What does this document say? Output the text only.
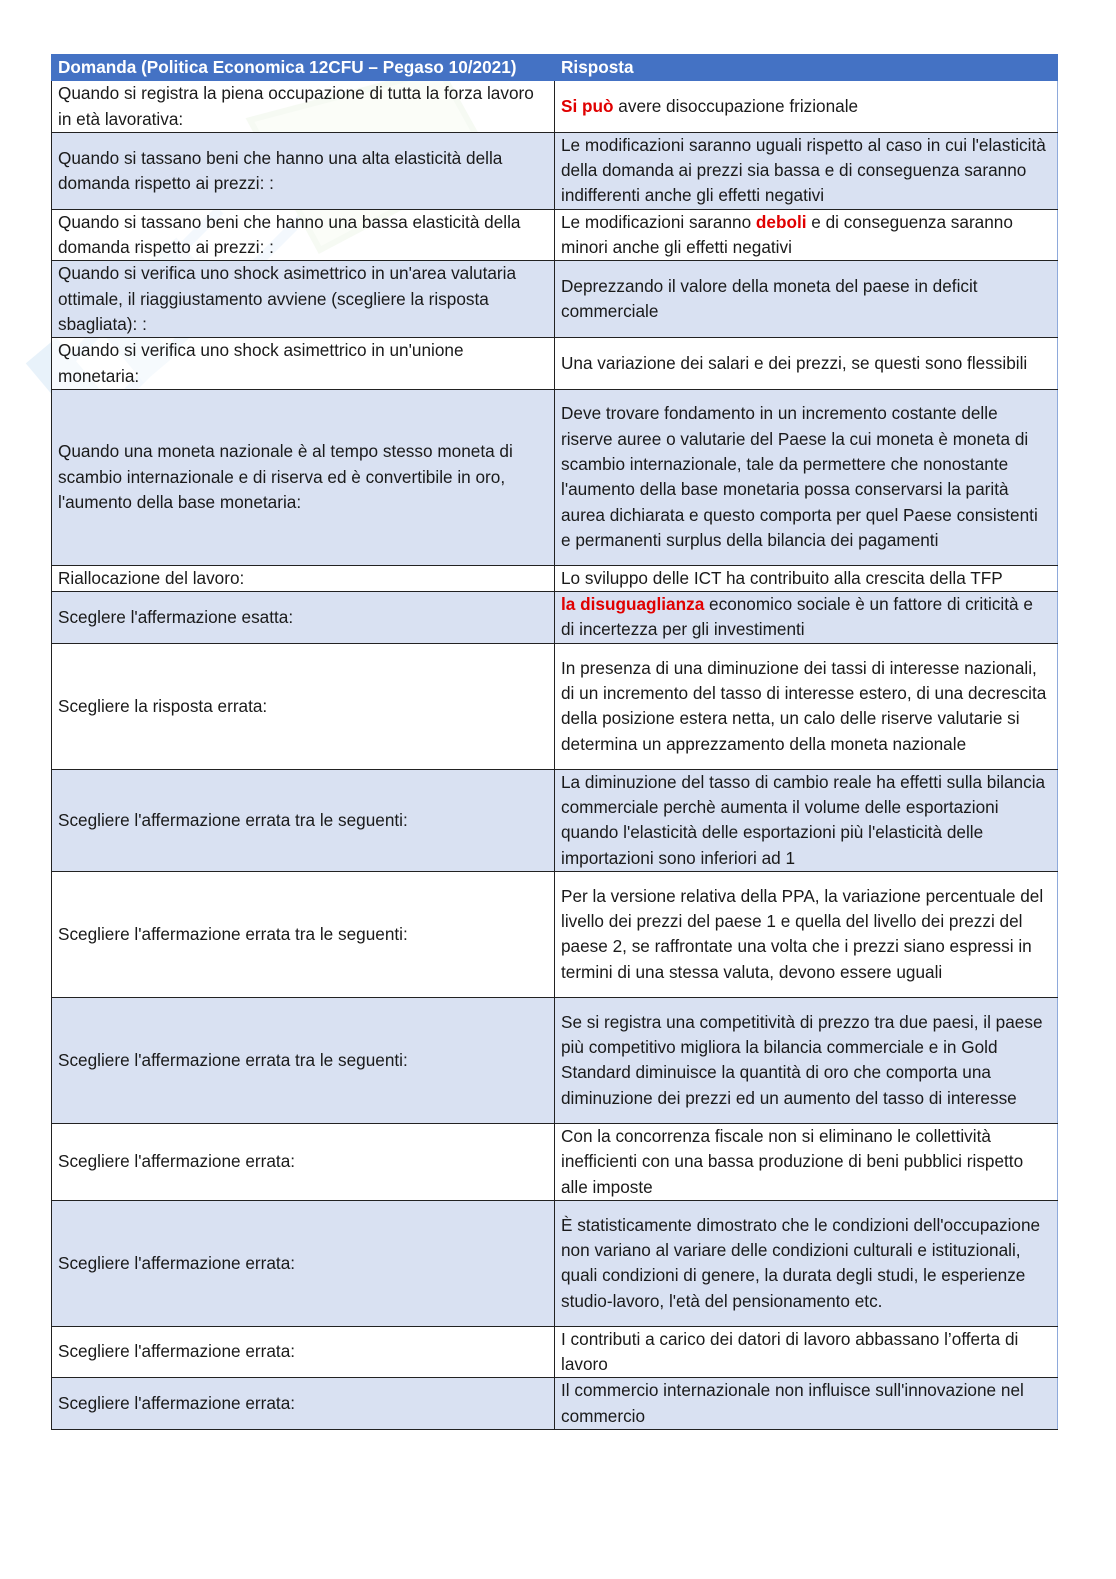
Domanda (Politica Economica 12CFU – Pegaso 10/2021)	Risposta
Quando si registra la piena occupazione di tutta la forza lavoro in età lavorativa:	Si può avere disoccupazione frizionale
Quando si tassano beni che hanno una alta elasticità della domanda rispetto ai prezzi: :	Le modificazioni saranno uguali rispetto al caso in cui l'elasticità della domanda ai prezzi sia bassa e di conseguenza saranno indifferenti anche gli effetti negativi
Quando si tassano beni che hanno una bassa elasticità della domanda rispetto ai prezzi: :	Le modificazioni saranno deboli e di conseguenza saranno minori anche gli effetti negativi
Quando si verifica uno shock asimettrico in un'area valutaria ottimale, il riaggiustamento avviene (scegliere la risposta sbagliata): :	Deprezzando il valore della moneta del paese in deficit commerciale
Quando si verifica uno shock asimettrico in un'unione monetaria:	Una variazione dei salari e dei prezzi, se questi sono flessibili
Quando una moneta nazionale è al tempo stesso moneta di scambio internazionale e di riserva ed è convertibile in oro, l'aumento della base monetaria:	Deve trovare fondamento in un incremento costante delle riserve auree o valutarie del Paese la cui moneta è moneta di scambio internazionale, tale da permettere che nonostante l'aumento della base monetaria possa conservarsi la parità aurea dichiarata e questo comporta per quel Paese consistenti e permanenti surplus della bilancia dei pagamenti
Riallocazione del lavoro:	Lo sviluppo delle ICT ha contribuito alla crescita della TFP
Sceglere l'affermazione esatta:	la disuguaglianza economico sociale è un fattore di criticità e di incertezza per gli investimenti
Scegliere la risposta errata:	In presenza di una diminuzione dei tassi di interesse nazionali, di un incremento del tasso di interesse estero, di una decrescita della posizione estera netta, un calo delle riserve valutarie si determina un apprezzamento della moneta nazionale
Scegliere l'affermazione errata tra le seguenti:	La diminuzione del tasso di cambio reale ha effetti sulla bilancia commerciale perchè aumenta il volume delle esportazioni quando l'elasticità delle esportazioni più l'elasticità delle importazioni sono inferiori ad 1
Scegliere l'affermazione errata tra le seguenti:	Per la versione relativa della PPA, la variazione percentuale del livello dei prezzi del paese 1 e quella del livello dei prezzi del paese 2, se raffrontate una volta che i prezzi siano espressi in termini di una stessa valuta, devono essere uguali
Scegliere l'affermazione errata tra le seguenti:	Se si registra una competitività di prezzo tra due paesi, il paese più competitivo migliora la bilancia commerciale e in Gold Standard diminuisce la quantità di oro che comporta una diminuzione dei prezzi ed un aumento del tasso di interesse
Scegliere l'affermazione errata:	Con la concorrenza fiscale non si eliminano le collettività inefficienti con una bassa produzione di beni pubblici rispetto alle imposte
Scegliere l'affermazione errata:	È statisticamente dimostrato che le condizioni dell'occupazione non variano al variare delle condizioni culturali e istituzionali, quali condizioni di genere, la durata degli studi, le esperienze studio-lavoro, l'età del pensionamento etc.
Scegliere l'affermazione errata:	I contributi a carico dei datori di lavoro abbassano l’offerta di lavoro
Scegliere l'affermazione errata:	Il commercio internazionale non influisce sull'innovazione nel commercio
